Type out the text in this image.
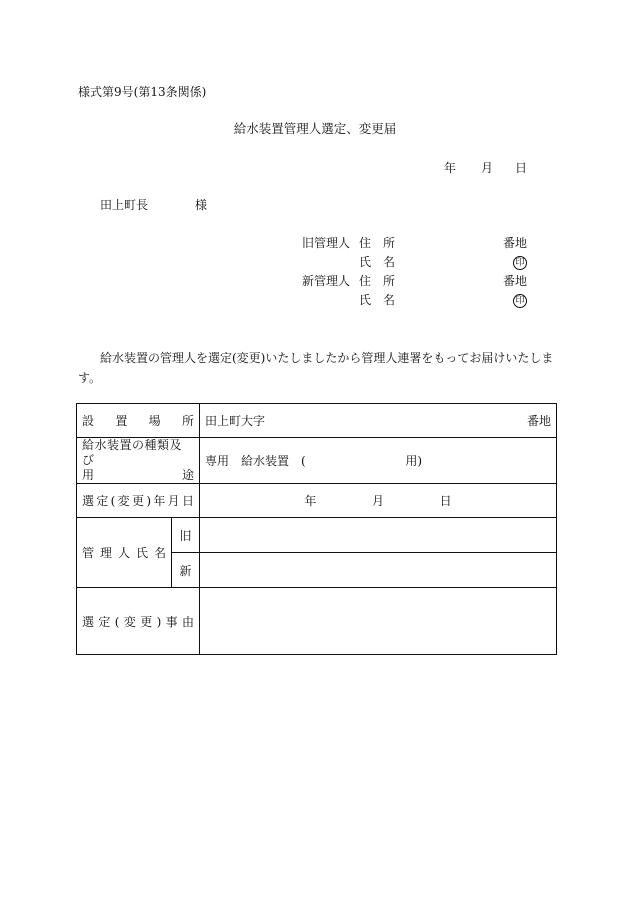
様式第9号(第13条関係)
給水装置管理人選定、変更届
年 月 日
田上町長	様
旧管理人 住　所	番地
氏　名	印
新管理人 住　所	番地
氏　名	印
給水装置の管理人を選定(変更)いたしましたから管理人連署をもってお届けいたします。
設置場所		田上町大字 番地

給水装置の種類及び
用 途		専用　給水装置　( 用)
選定(変更)年月日		年 月 日
管理人氏名	旧	
	新	
選定(変更)事由		
